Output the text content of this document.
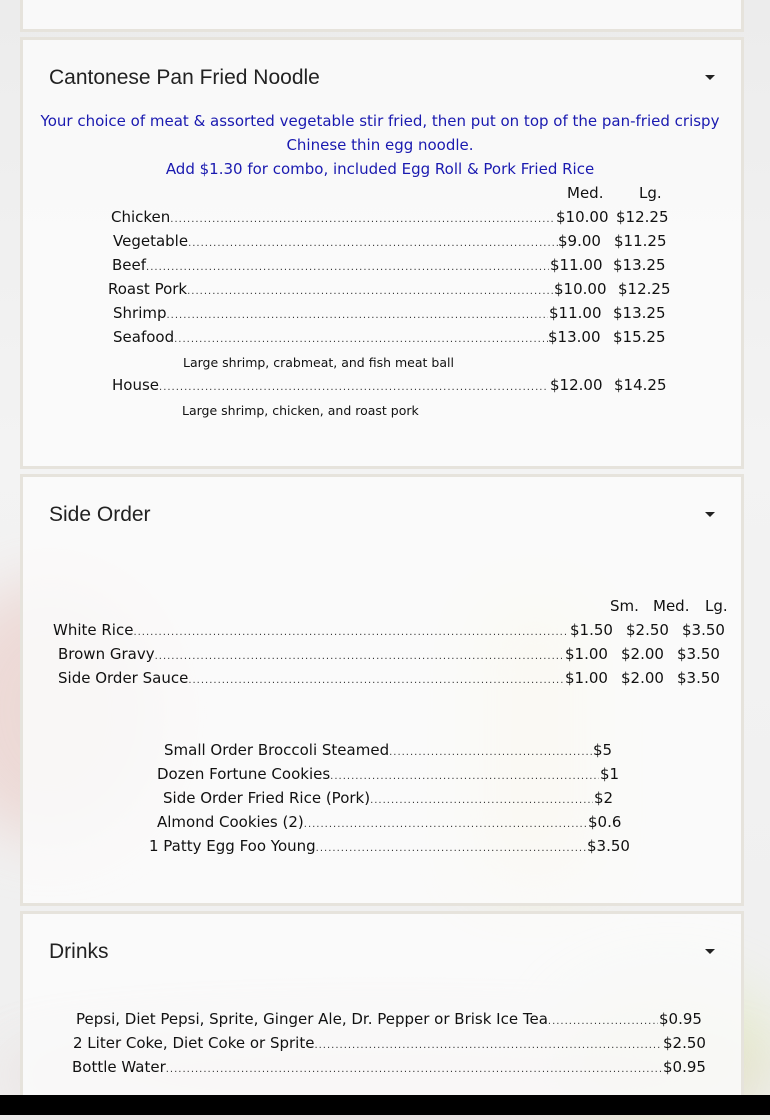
Cantonese Pan Fried Noodle
Your choice of meat & assorted vegetable stir fried, then put on top of the pan-fried crispy
Chinese thin egg noodle.
Add $1.30 for combo, included Egg Roll & Pork Fried Rice
Med. Lg.
Chicken .....	$10.00 $12.25
Vegetable .....	$9.00 $11.25
Beef .....	$11.00 $13.25
Roast Pork .....	$10.00 $12.25
Shrimp .....	$11.00 $13.25
Seafood .....	$13.00 $15.25
Large shrimp, crabmeat, and fish meat ball
House .....	$12.00 $14.25
Large shrimp, chicken, and roast pork
Side Order
Sm. Med. Lg.
White Rice .....	$1.50 $2.50 $3.50
Brown Gravy .....	$1.00 $2.00 $3.50
Side Order Sauce .....	$1.00 $2.00 $3.50
Small Order Broccoli Steamed .....	$5
Dozen Fortune Cookies .....	$1
Side Order Fried Rice (Pork) .....	$2
Almond Cookies (2) .....	$0.6
1 Patty Egg Foo Young .....	$3.50
Drinks
Pepsi, Diet Pepsi, Sprite, Ginger Ale, Dr. Pepper or Brisk Ice Tea .....	$0.95
2 Liter Coke, Diet Coke or Sprite .....	$2.50
Bottle Water .....	$0.95
